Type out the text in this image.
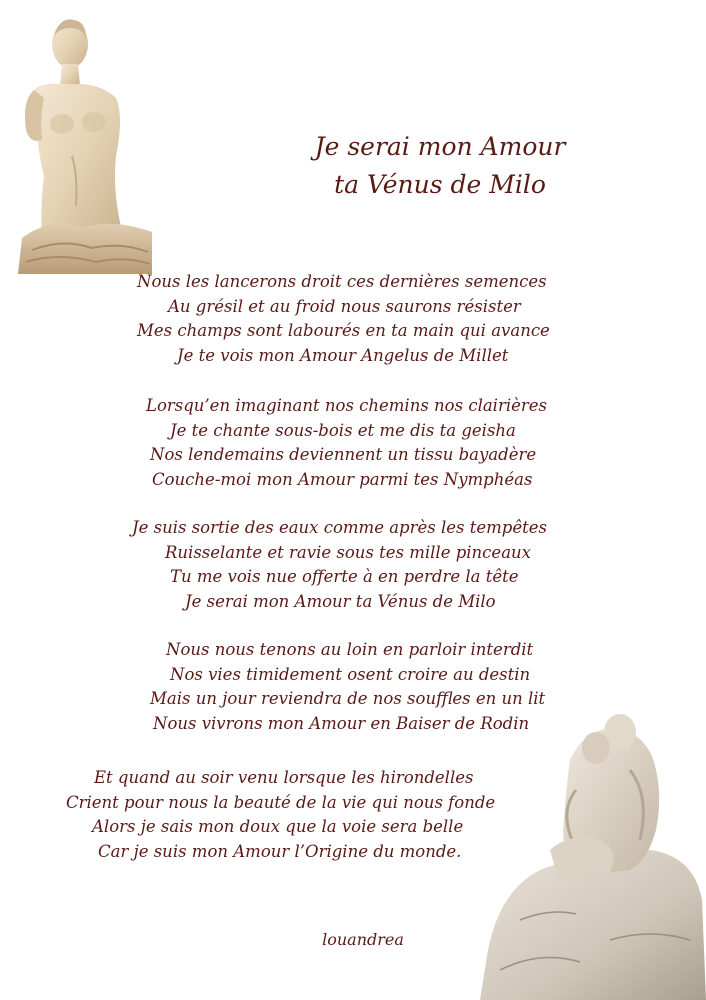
Je serai mon Amour
ta Vénus de Milo
Nous les lancerons droit ces dernières semences
Au grésil et au froid nous saurons résister
Mes champs sont labourés en ta main qui avance
Je te vois mon Amour Angelus de Millet
Lorsqu’en imaginant nos chemins nos clairières
Je te chante sous-bois et me dis ta geisha
Nos lendemains deviennent un tissu bayadère
Couche-moi mon Amour parmi tes Nymphéas
Je suis sortie des eaux comme après les tempêtes
Ruisselante et ravie sous tes mille pinceaux
Tu me vois nue offerte à en perdre la tête
Je serai mon Amour ta Vénus de Milo
Nous nous tenons au loin en parloir interdit
Nos vies timidement osent croire au destin
Mais un jour reviendra de nos souffles en un lit
Nous vivrons mon Amour en Baiser de Rodin
Et quand au soir venu lorsque les hirondelles
Crient pour nous la beauté de la vie qui nous fonde
Alors je sais mon doux que la voie sera belle
Car je suis mon Amour l’Origine du monde.
louandrea
